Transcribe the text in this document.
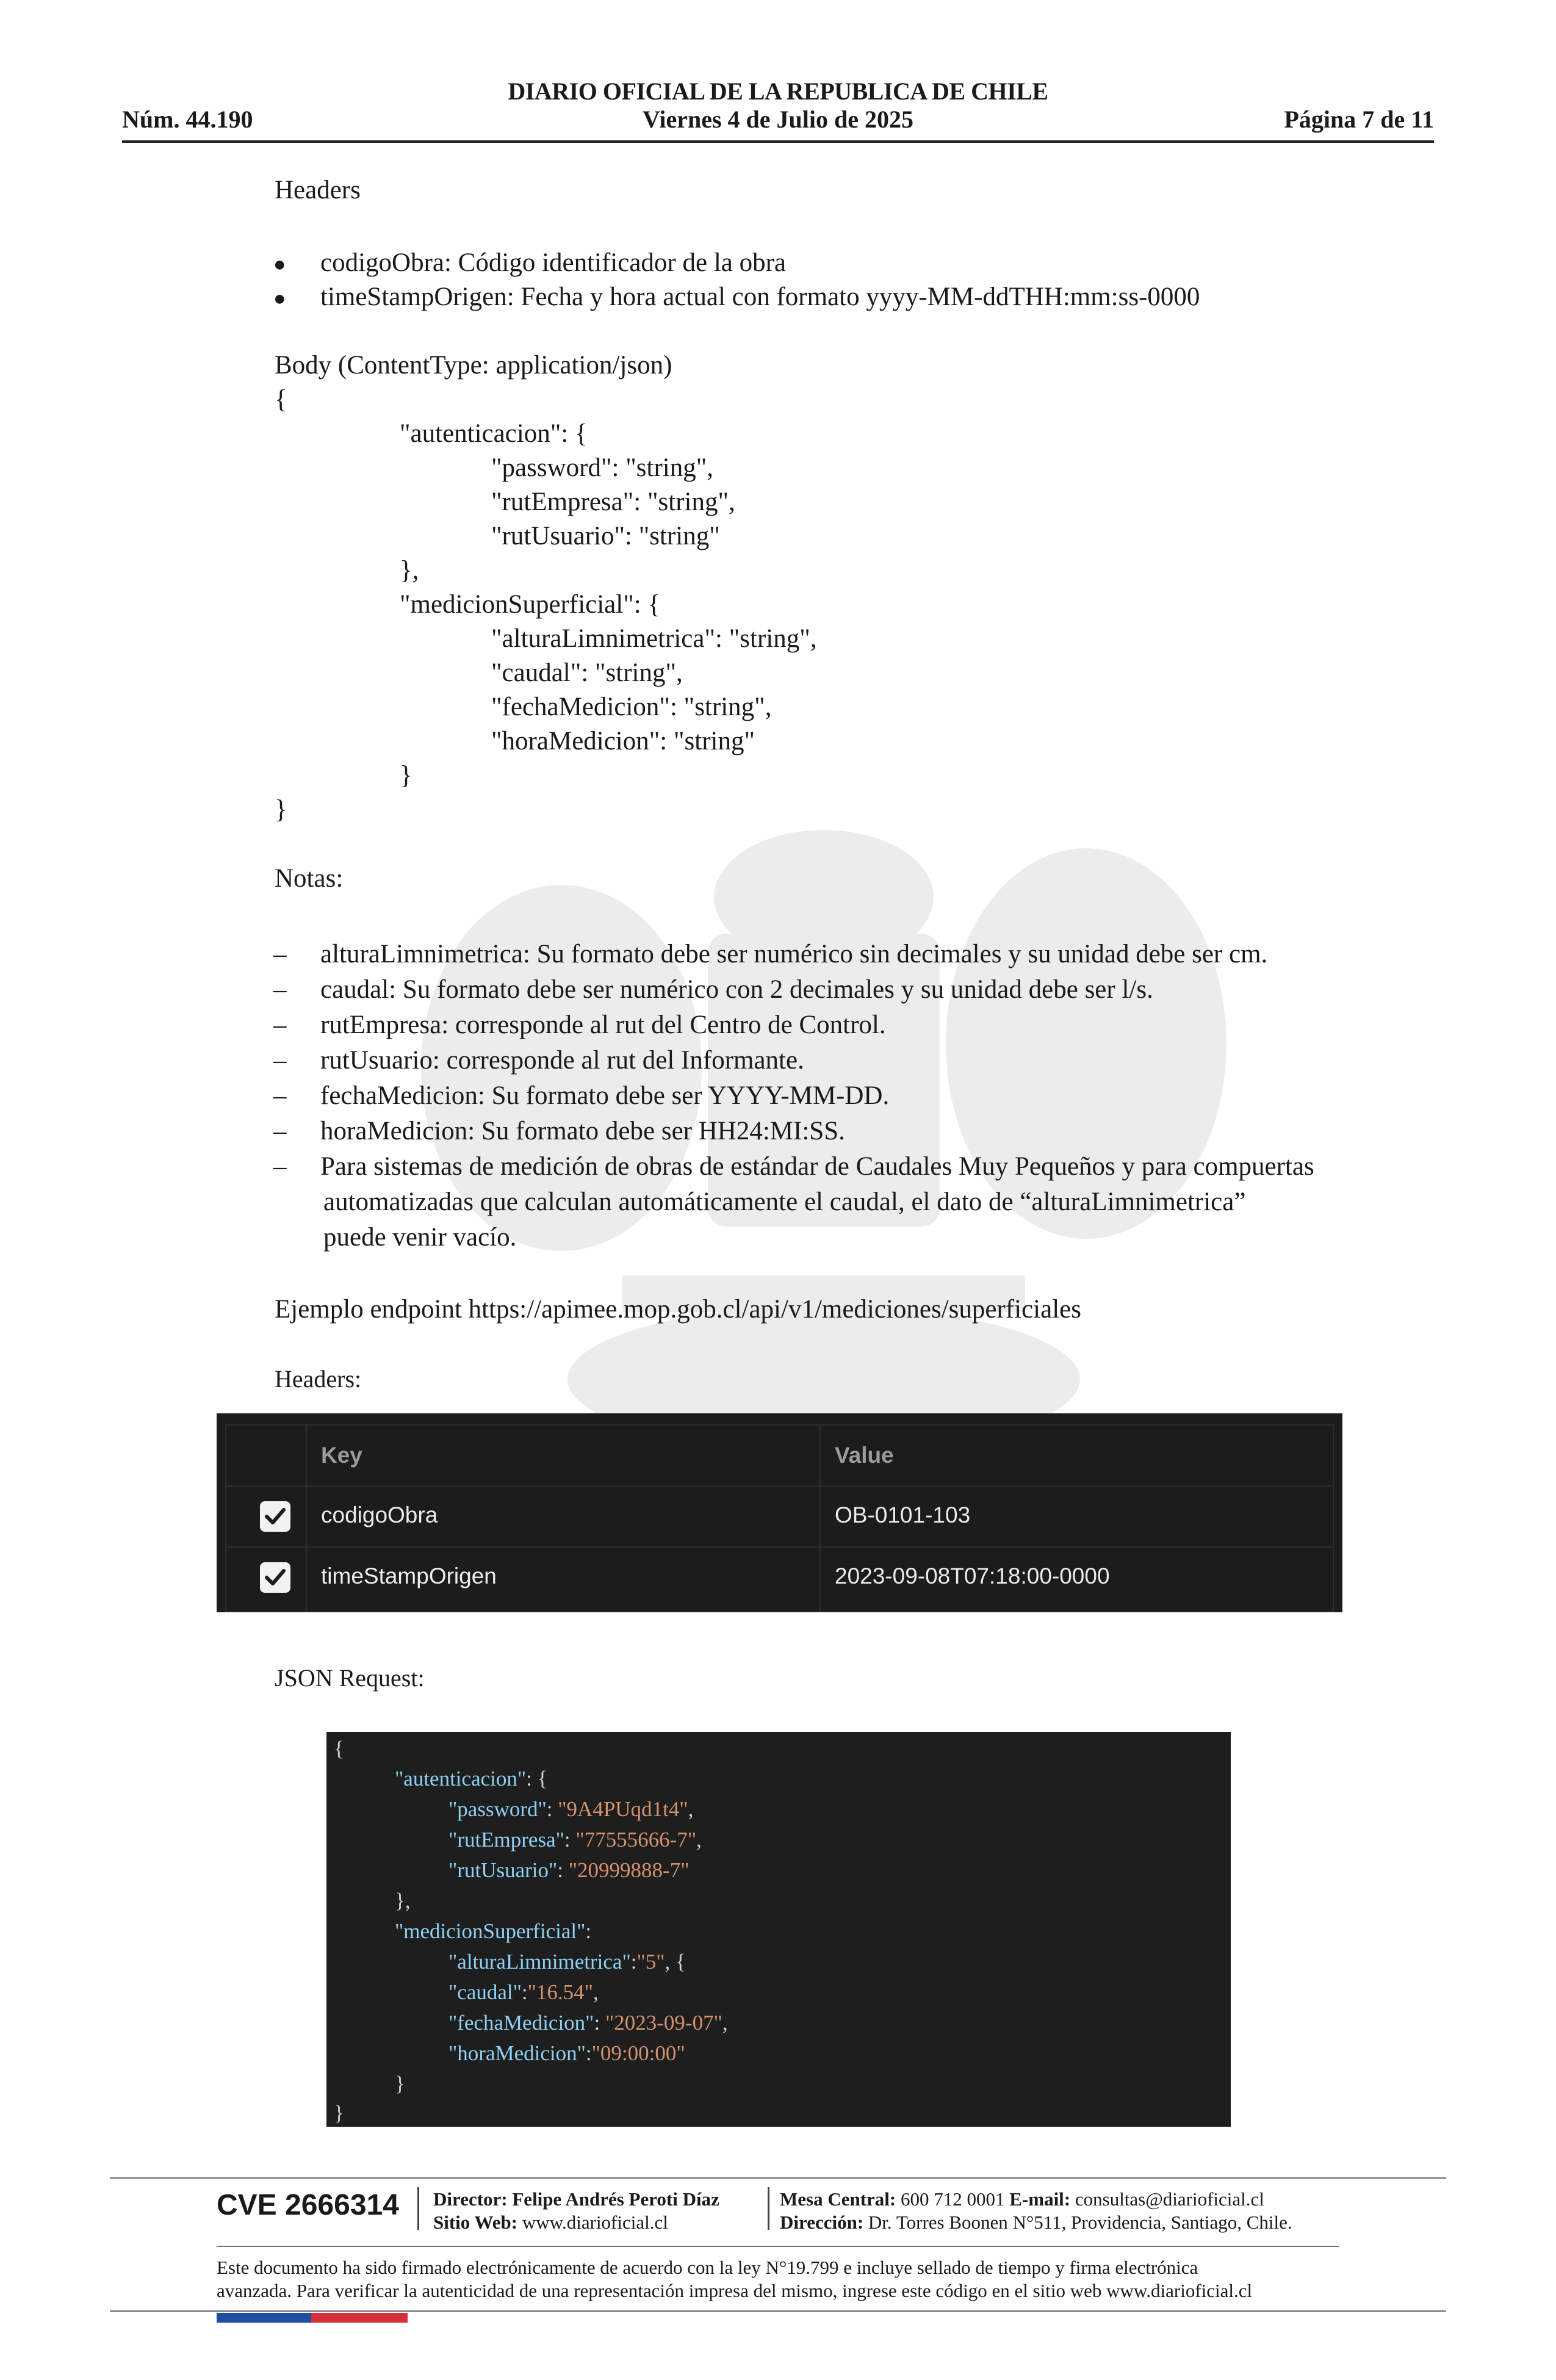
DIARIO OFICIAL DE LA REPUBLICA DE CHILE
Viernes 4 de Julio de 2025
Núm. 44.190	Página 7 de 11
Headers
● codigoObra: Código identificador de la obra
● timeStampOrigen: Fecha y hora actual con formato yyyy-MM-ddTHH:mm:ss-0000
Body (ContentType: application/json)
{
"autenticacion": {
"password": "string",
"rutEmpresa": "string",
"rutUsuario": "string"
},
"medicionSuperficial": {
"alturaLimnimetrica": "string",
"caudal": "string",
"fechaMedicion": "string",
"horaMedicion": "string"
}
}
Notas:
– alturaLimnimetrica: Su formato debe ser numérico sin decimales y su unidad debe ser cm.
– caudal: Su formato debe ser numérico con 2 decimales y su unidad debe ser l/s.
– rutEmpresa: corresponde al rut del Centro de Control.
– rutUsuario: corresponde al rut del Informante.
– fechaMedicion: Su formato debe ser YYYY-MM-DD.
– horaMedicion: Su formato debe ser HH24:MI:SS.
– Para sistemas de medición de obras de estándar de Caudales Muy Pequeños y para compuertas
automatizadas que calculan automáticamente el caudal, el dato de “alturaLimnimetrica”
puede venir vacío.
Ejemplo endpoint https://apimee.mop.gob.cl/api/v1/mediciones/superficiales
Headers:
Key	Value
codigoObra	OB-0101-103
timeStampOrigen	2023-09-08T07:18:00-0000
JSON Request:
{
"autenticacion": {
"password": "9A4PUqd1t4",
"rutEmpresa": "77555666-7",
"rutUsuario": "20999888-7"
},
"medicionSuperficial":
"alturaLimnimetrica":"5", {
"caudal":"16.54",
"fechaMedicion": "2023-09-07",
"horaMedicion":"09:00:00"
}
}
CVE 2666314 Director: Felipe Andrés Peroti Díaz
Sitio Web: www.diarioficial.cl
Mesa Central: 600 712 0001 E-mail: consultas@diarioficial.cl
Dirección: Dr. Torres Boonen N°511, Providencia, Santiago, Chile.
Este documento ha sido firmado electrónicamente de acuerdo con la ley N°19.799 e incluye sellado de tiempo y firma electrónica
avanzada. Para verificar la autenticidad de una representación impresa del mismo, ingrese este código en el sitio web www.diarioficial.cl
